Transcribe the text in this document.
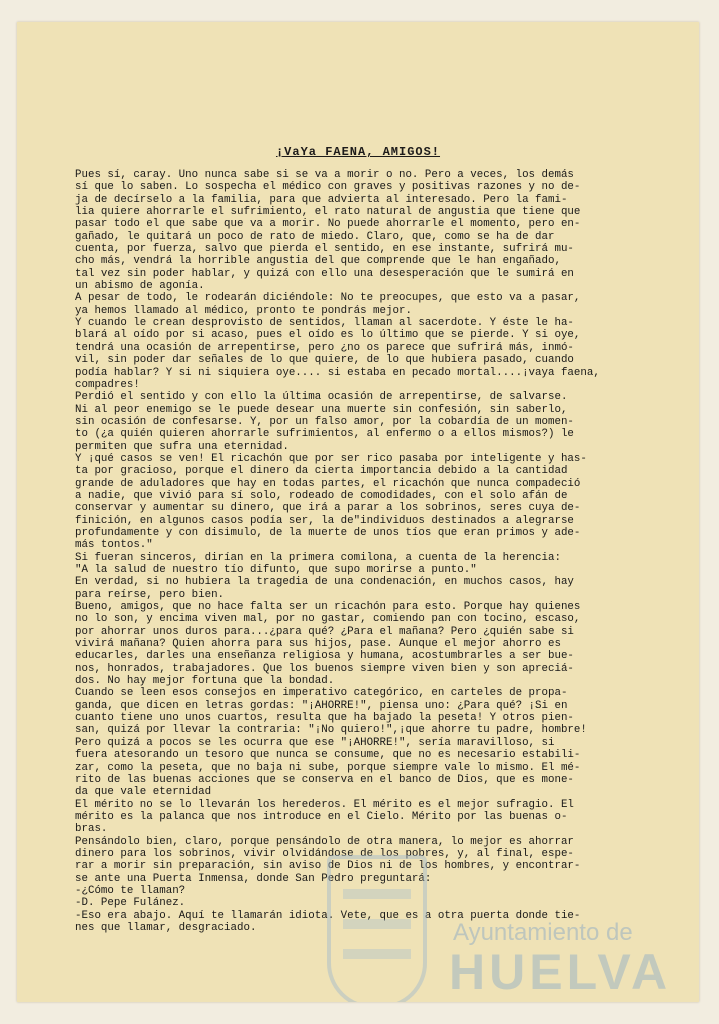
¡VaYa FAENA, AMIGOS!
Pues sí, caray. Uno nunca sabe si se va a morir o no. Pero a veces, los demás
sí que lo saben. Lo sospecha el médico con graves y positivas razones y no de-
ja de decírselo a la familia, para que advierta al interesado. Pero la fami-
lia quiere ahorrarle el sufrimiento, el rato natural de angustia que tiene que
pasar todo el que sabe que va a morir. No puede ahorrarle el momento, pero en-
gañado, le quitará un poco de rato de miedo. Claro, que, como se ha de dar
cuenta, por fuerza, salvo que pierda el sentido, en ese instante, sufrirá mu-
cho más, vendrá la horrible angustia del que comprende que le han engañado,
tal vez sin poder hablar, y quizá con ello una desesperación que le sumirá en
un abismo de agonía.
A pesar de todo, le rodearán diciéndole: No te preocupes, que esto va a pasar,
ya hemos llamado al médico, pronto te pondrás mejor.
Y cuando le crean desprovisto de sentidos, llaman al sacerdote. Y éste le ha-
blará al oído por si acaso, pues el oído es lo último que se pierde. Y si oye,
tendrá una ocasión de arrepentirse, pero ¿no os parece que sufrirá más, inmó-
vil, sin poder dar señales de lo que quiere, de lo que hubiera pasado, cuando
podía hablar? Y si ni siquiera oye.... si estaba en pecado mortal....¡vaya faena,
compadres!
Perdió el sentido y con ello la última ocasión de arrepentirse, de salvarse.
Ni al peor enemigo se le puede desear una muerte sin confesión, sin saberlo,
sin ocasión de confesarse. Y, por un falso amor, por la cobardía de un momen-
to (¿a quién quieren ahorrarle sufrimientos, al enfermo o a ellos mismos?) le
permiten que sufra una eternidad.
Y ¡qué casos se ven! El ricachón que por ser rico pasaba por inteligente y has-
ta por gracioso, porque el dinero da cierta importancia debido a la cantidad
grande de aduladores que hay en todas partes, el ricachón que nunca compadeció
a nadie, que vivió para sí solo, rodeado de comodidades, con el solo afán de
conservar y aumentar su dinero, que irá a parar a los sobrinos, seres cuya de-
finición, en algunos casos podía ser, la de"individuos destinados a alegrarse
profundamente y con disimulo, de la muerte de unos tíos que eran primos y ade-
más tontos."
Si fueran sinceros, dirían en la primera comilona, a cuenta de la herencia:
"A la salud de nuestro tío difunto, que supo morirse a punto."
En verdad, si no hubiera la tragedia de una condenación, en muchos casos, hay
para reírse, pero bien.
Bueno, amigos, que no hace falta ser un ricachón para esto. Porque hay quienes
no lo son, y encima viven mal, por no gastar, comiendo pan con tocino, escaso,
por ahorrar unos duros para...¿para qué? ¿Para el mañana? Pero ¿quién sabe si
vivirá mañana? Quien ahorra para sus hijos, pase. Aunque el mejor ahorro es
educarles, darles una enseñanza religiosa y humana, acostumbrarles a ser bue-
nos, honrados, trabajadores. Que los buenos siempre viven bien y son apreciá-
dos. No hay mejor fortuna que la bondad.
Cuando se leen esos consejos en imperativo categórico, en carteles de propa-
ganda, que dicen en letras gordas: "¡AHORRE!", piensa uno: ¿Para qué? ¡Si en
cuanto tiene uno unos cuartos, resulta que ha bajado la peseta! Y otros pien-
san, quizá por llevar la contraria: "¡No quiero!",¡que ahorre tu padre, hombre!
Pero quizá a pocos se les ocurra que ese "¡AHORRE!", sería maravilloso, si
fuera atesorando un tesoro que nunca se consume, que no es necesario estabili-
zar, como la peseta, que no baja ni sube, porque siempre vale lo mismo. El mé-
rito de las buenas acciones que se conserva en el banco de Dios, que es mone-
da que vale eternidad
El mérito no se lo llevarán los herederos. El mérito es el mejor sufragio. El
mérito es la palanca que nos introduce en el Cielo. Mérito por las buenas o-
bras.
Pensándolo bien, claro, porque pensándolo de otra manera, lo mejor es ahorrar
dinero para los sobrinos, vivir olvidándose de los pobres, y, al final, espe-
rar a morir sin preparación, sin aviso de Dios ni de los hombres, y encontrar-
se ante una Puerta Inmensa, donde San Pedro preguntará:
-¿Cómo te llaman?
-D. Pepe Fulánez.
-Eso era abajo. Aquí te llamarán idiota. Vete, que es a otra puerta donde tie-
nes que llamar, desgraciado.	Ayuntamiento de
HUELVA
